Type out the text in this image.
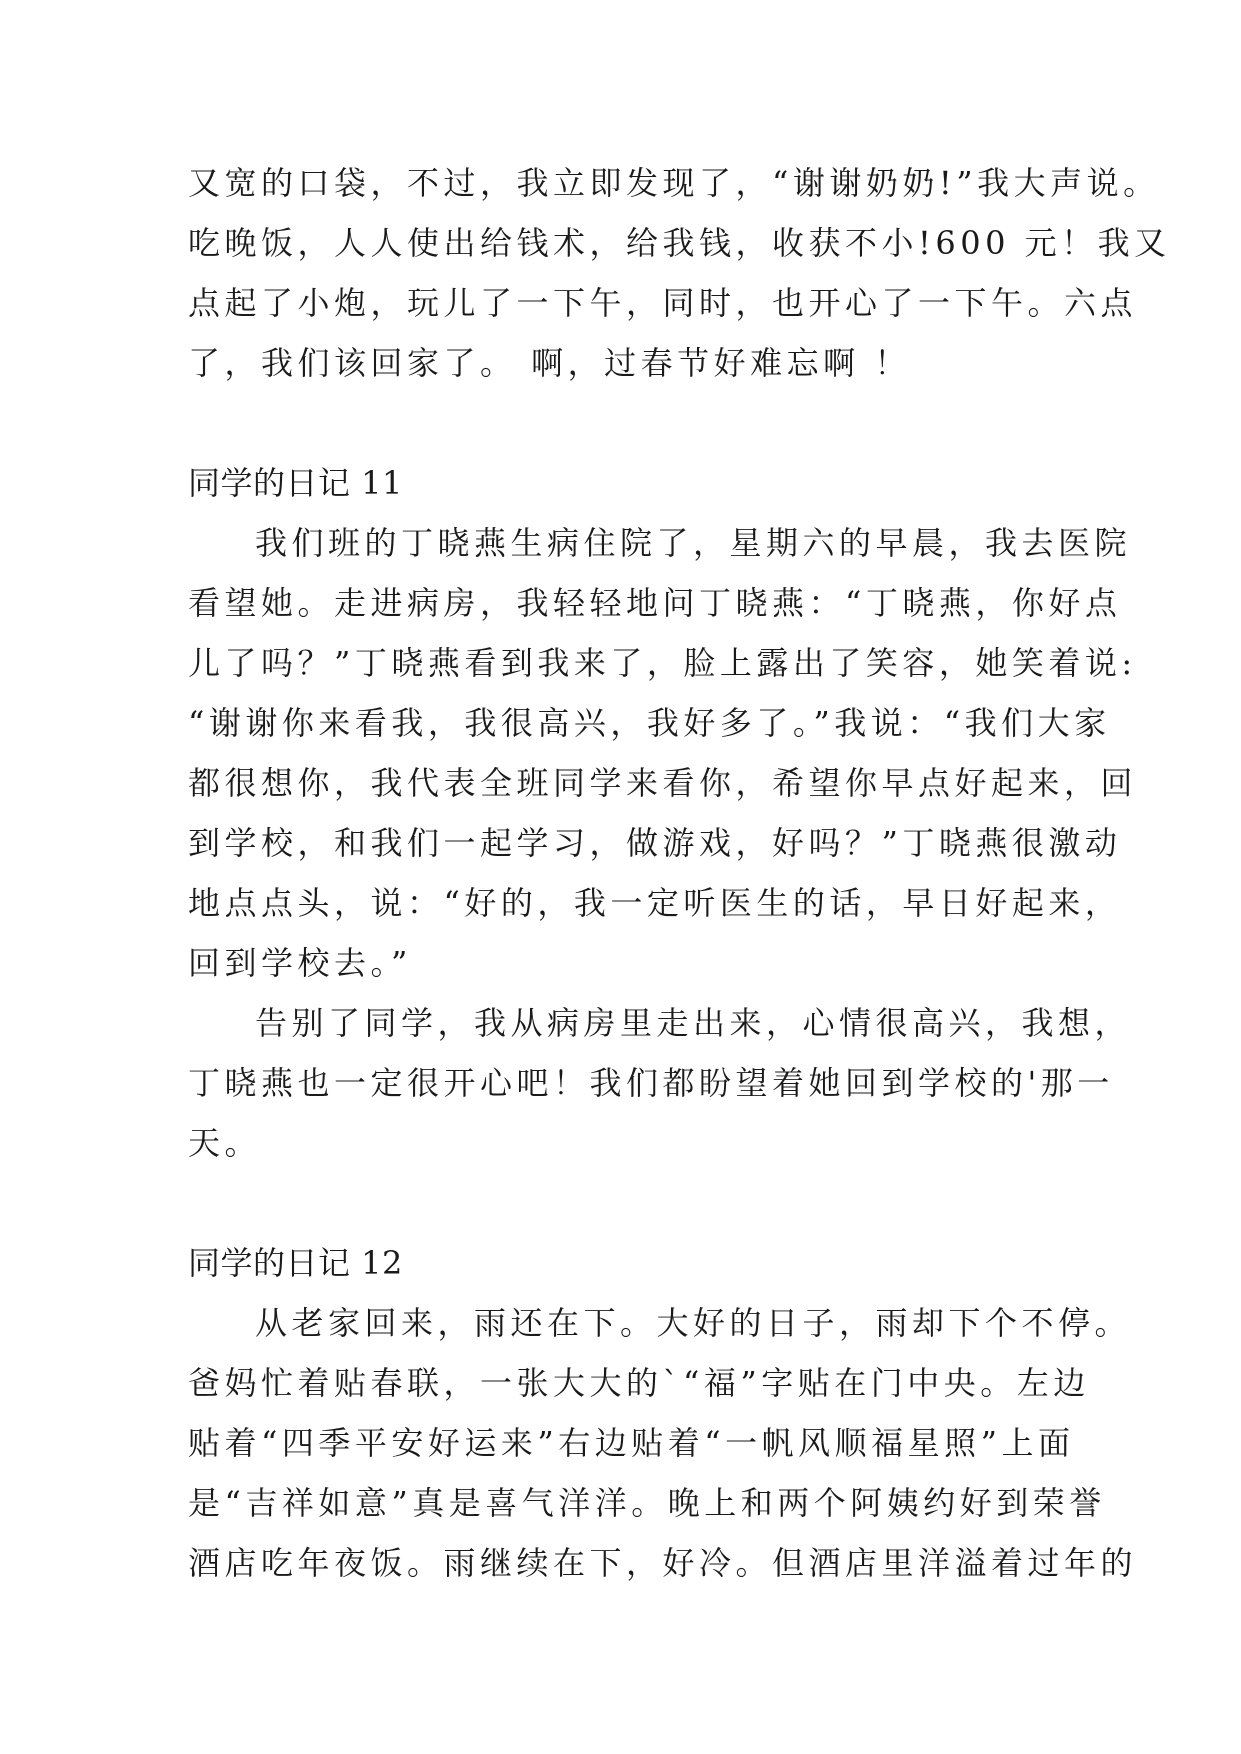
又宽的口袋，不过，我立即发现了，“谢谢奶奶!”我大声说。
吃晚饭，人人使出给钱术，给我钱，收获不小!600 元！我又
点起了小炮，玩儿了一下午，同时，也开心了一下午。六点
了，我们该回家了。 啊，过春节好难忘啊 ！
同学的日记 11
我们班的丁晓燕生病住院了，星期六的早晨，我去医院
看望她。走进病房，我轻轻地问丁晓燕：“丁晓燕，你好点
儿了吗？”丁晓燕看到我来了，脸上露出了笑容，她笑着说:
“谢谢你来看我，我很高兴，我好多了。”我说：“我们大家
都很想你，我代表全班同学来看你，希望你早点好起来，回
到学校，和我们一起学习，做游戏，好吗？”丁晓燕很激动
地点点头，说：“好的，我一定听医生的话，早日好起来，
回到学校去。”
告别了同学，我从病房里走出来，心情很高兴，我想，
丁晓燕也一定很开心吧！我们都盼望着她回到学校的'那一
天。
同学的日记 12
从老家回来，雨还在下。大好的日子，雨却下个不停。
爸妈忙着贴春联，一张大大的`“福”字贴在门中央。左边
贴着“四季平安好运来”右边贴着“一帆风顺福星照”上面
是“吉祥如意”真是喜气洋洋。晚上和两个阿姨约好到荣誉
酒店吃年夜饭。雨继续在下，好冷。但酒店里洋溢着过年的
